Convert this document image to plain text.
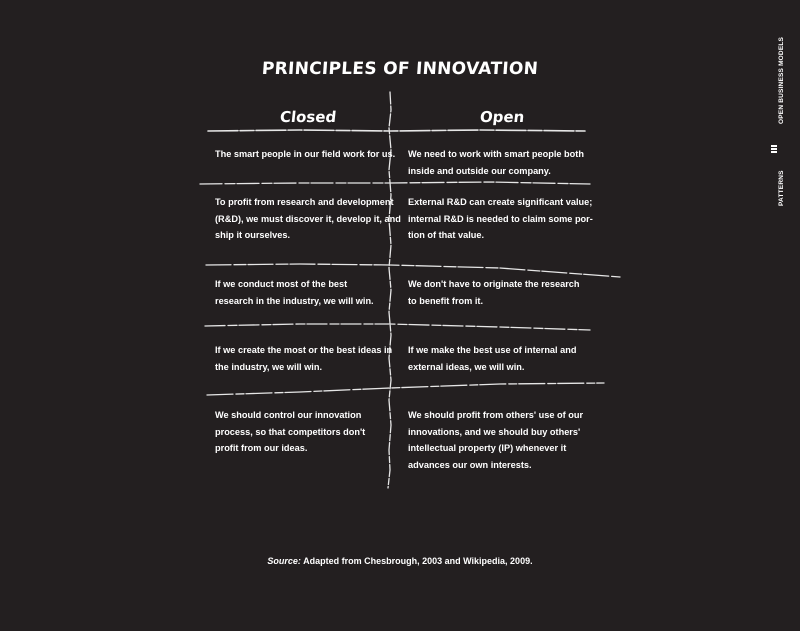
PRINCIPLES OF INNOVATION
Closed	Open
The smart people in our field work for us. We need to work with smart people both
inside and outside our company.
To profit from research and development
(R&D), we must discover it, develop it, and
ship it ourselves.
External R&D can create significant value;
internal R&D is needed to claim some por-
tion of that value.
If we conduct most of the best
research in the industry, we will win.
We don't have to originate the research
to benefit from it.
If we create the most or the best ideas in
the industry, we will win.
If we make the best use of internal and
external ideas, we will win.
We should control our innovation
process, so that competitors don't
profit from our ideas.
We should profit from others' use of our
innovations, and we should buy others'
intellectual property (IP) whenever it
advances our own interests.
Source: Adapted from Chesbrough, 2003 and Wikipedia, 2009.
OPEN BUSINESS MODELS
PATTERNS
